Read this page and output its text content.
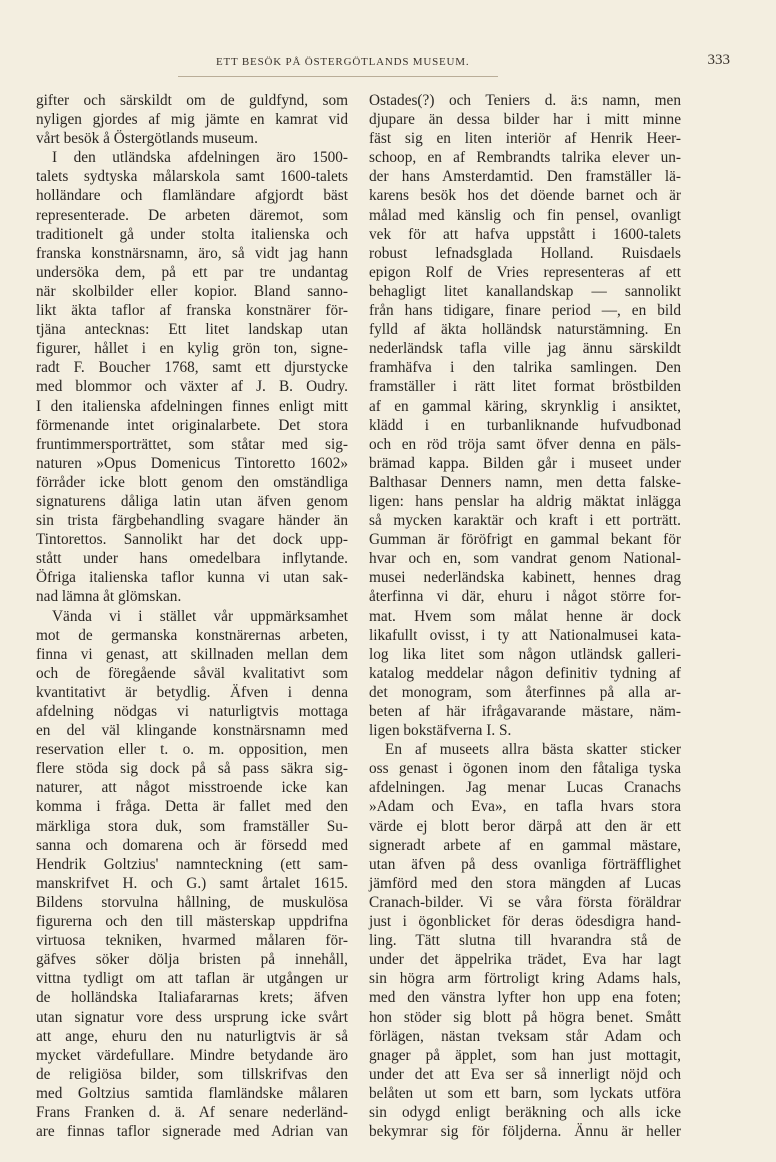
ETT BESÖK PÅ ÖSTERGÖTLANDS MUSEUM.	333
gifter och särskildt om de guldfynd, som
nyligen gjordes af mig jämte en kamrat vid
vårt besök å Östergötlands museum.
I den utländska afdelningen äro 1500-
talets sydtyska målarskola samt 1600-talets
holländare och flamländare afgjordt bäst
representerade. De arbeten däremot, som
traditionelt gå under stolta italienska och
franska konstnärsnamn, äro, så vidt jag hann
undersöka dem, på ett par tre undantag
när skolbilder eller kopior. Bland sanno-
likt äkta taflor af franska konstnärer för-
tjäna antecknas: Ett litet landskap utan
figurer, hållet i en kylig grön ton, signe-
radt F. Boucher 1768, samt ett djurstycke
med blommor och växter af J. B. Oudry.
I den italienska afdelningen finnes enligt mitt
förmenande intet originalarbete. Det stora
fruntimmersporträttet, som ståtar med sig-
naturen »Opus Domenicus Tintoretto 1602»
förråder icke blott genom den omständliga
signaturens dåliga latin utan äfven genom
sin trista färgbehandling svagare händer än
Tintorettos. Sannolikt har det dock upp-
stått under hans omedelbara inflytande.
Öfriga italienska taflor kunna vi utan sak-
nad lämna åt glömskan.
Vända vi i stället vår uppmärksamhet
mot de germanska konstnärernas arbeten,
finna vi genast, att skillnaden mellan dem
och de föregående såväl kvalitativt som
kvantitativt är betydlig. Äfven i denna
afdelning nödgas vi naturligtvis mottaga
en del väl klingande konstnärsnamn med
reservation eller t. o. m. opposition, men
flere stöda sig dock på så pass säkra sig-
naturer, att något misstroende icke kan
komma i fråga. Detta är fallet med den
märkliga stora duk, som framställer Su-
sanna och domarena och är försedd med
Hendrik Goltzius' namnteckning (ett sam-
manskrifvet H. och G.) samt årtalet 1615.
Bildens storvulna hållning, de muskulösa
figurerna och den till mästerskap uppdrifna
virtuosa tekniken, hvarmed målaren för-
gäfves söker dölja bristen på innehåll,
vittna tydligt om att taflan är utgången ur
de holländska Italiafararnas krets; äfven
utan signatur vore dess ursprung icke svårt
att ange, ehuru den nu naturligtvis är så
mycket värdefullare. Mindre betydande äro
de religiösa bilder, som tillskrifvas den
med Goltzius samtida flamländske målaren
Frans Franken d. ä. Af senare nederländ-
are finnas taflor signerade med Adrian van
Ostades(?) och Teniers d. ä:s namn, men
djupare än dessa bilder har i mitt minne
fäst sig en liten interiör af Henrik Heer-
schoop, en af Rembrandts talrika elever un-
der hans Amsterdamtid. Den framställer lä-
karens besök hos det döende barnet och är
målad med känslig och fin pensel, ovanligt
vek för att hafva uppstått i 1600-talets
robust lefnadsglada Holland. Ruisdaels
epigon Rolf de Vries representeras af ett
behagligt litet kanallandskap — sannolikt
från hans tidigare, finare period —, en bild
fylld af äkta holländsk naturstämning. En
nederländsk tafla ville jag ännu särskildt
framhäfva i den talrika samlingen. Den
framställer i rätt litet format bröstbilden
af en gammal käring, skrynklig i ansiktet,
klädd i en turbanliknande hufvudbonad
och en röd tröja samt öfver denna en päls-
brämad kappa. Bilden går i museet under
Balthasar Denners namn, men detta falske-
ligen: hans penslar ha aldrig mäktat inlägga
så mycken karaktär och kraft i ett porträtt.
Gumman är föröfrigt en gammal bekant för
hvar och en, som vandrat genom National-
musei nederländska kabinett, hennes drag
återfinna vi där, ehuru i något större for-
mat. Hvem som målat henne är dock
likafullt ovisst, i ty att Nationalmusei kata-
log lika litet som någon utländsk galleri-
katalog meddelar någon definitiv tydning af
det monogram, som återfinnes på alla ar-
beten af här ifrågavarande mästare, näm-
ligen bokstäfverna I. S.
En af museets allra bästa skatter sticker
oss genast i ögonen inom den fåtaliga tyska
afdelningen. Jag menar Lucas Cranachs
»Adam och Eva», en tafla hvars stora
värde ej blott beror därpå att den är ett
signeradt arbete af en gammal mästare,
utan äfven på dess ovanliga förträfflighet
jämförd med den stora mängden af Lucas
Cranach-bilder. Vi se våra första föräldrar
just i ögonblicket för deras ödesdigra hand-
ling. Tätt slutna till hvarandra stå de
under det äppelrika trädet, Eva har lagt
sin högra arm förtroligt kring Adams hals,
med den vänstra lyfter hon upp ena foten;
hon stöder sig blott på högra benet. Smått
förlägen, nästan tveksam står Adam och
gnager på äpplet, som han just mottagit,
under det att Eva ser så innerligt nöjd och
belåten ut som ett barn, som lyckats utföra
sin odygd enligt beräkning och alls icke
bekymrar sig för följderna. Ännu är heller
